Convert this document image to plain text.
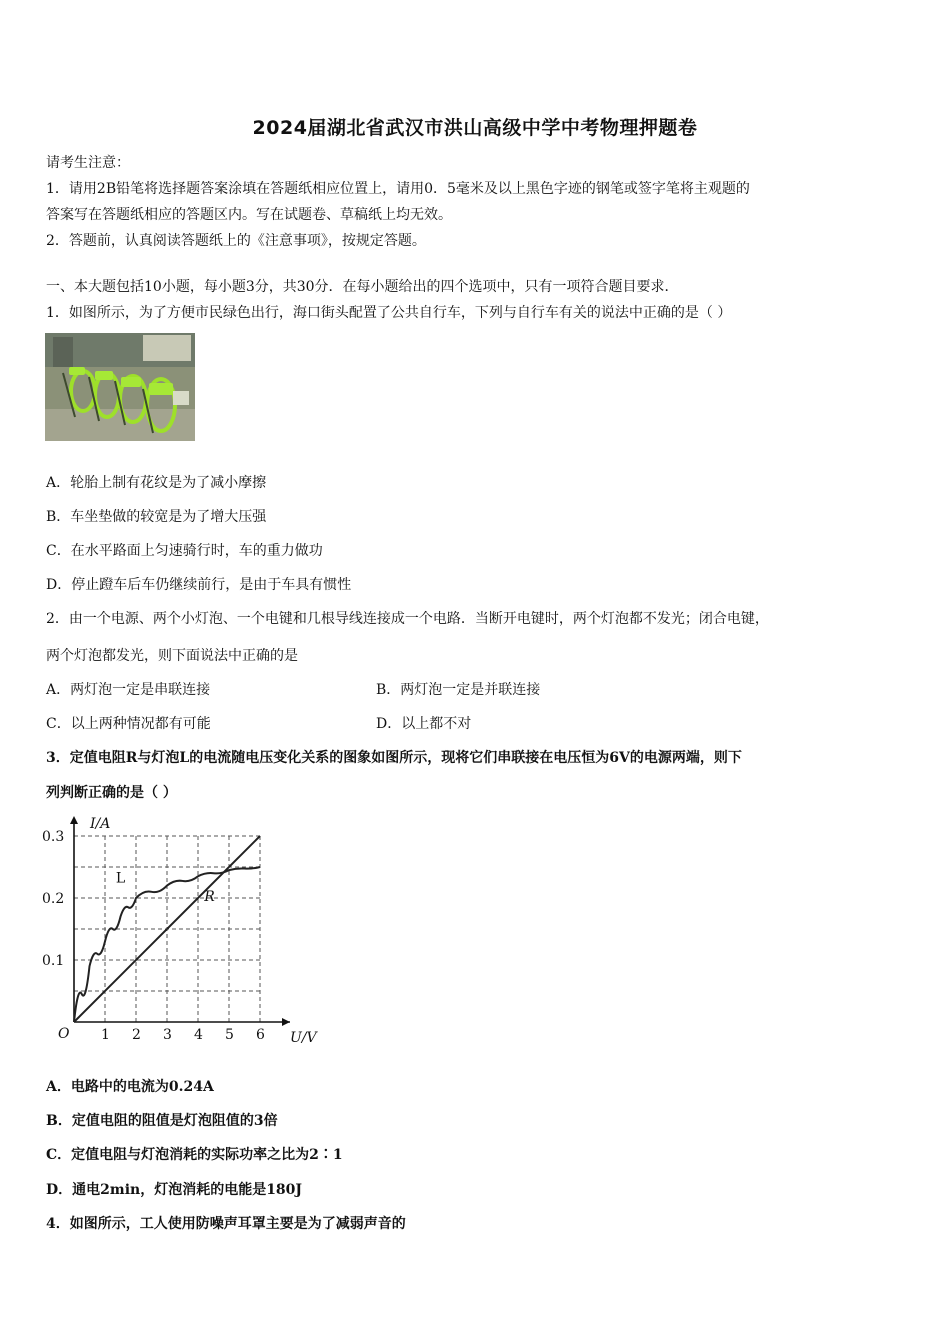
2024届湖北省武汉市洪山高级中学中考物理押题卷
请考生注意：
1．请用2B铅笔将选择题答案涂填在答题纸相应位置上，请用0．5毫米及以上黑色字迹的钢笔或签字笔将主观题的
答案写在答题纸相应的答题区内。写在试题卷、草稿纸上均无效。
2．答题前，认真阅读答题纸上的《注意事项》，按规定答题。
一、本大题包括10小题，每小题3分，共30分．在每小题给出的四个选项中，只有一项符合题目要求．
1．如图所示，为了方便市民绿色出行，海口街头配置了公共自行车，下列与自行车有关的说法中正确的是（ ）
A．轮胎上制有花纹是为了减小摩擦
B．车坐垫做的较宽是为了增大压强
C．在水平路面上匀速骑行时，车的重力做功
D．停止蹬车后车仍继续前行，是由于车具有惯性
2．由一个电源、两个小灯泡、一个电键和几根导线连接成一个电路．当断开电键时，两个灯泡都不发光；闭合电键，
两个灯泡都发光，则下面说法中正确的是
A．两灯泡一定是串联连接	B．两灯泡一定是并联连接
C．以上两种情况都有可能	D．以上都不对
3．定值电阻R与灯泡L的电流随电压变化关系的图象如图所示，现将它们串联接在电压恒为6V的电源两端，则下
列判断正确的是（ ）
1 2 3 4 5 6
0.1
0.2
0.3
O	U/V
I/A
L
R
A．电路中的电流为0.24A
B．定值电阻的阻值是灯泡阻值的3倍
C．定值电阻与灯泡消耗的实际功率之比为2∶1
D．通电2min，灯泡消耗的电能是180J
4．如图所示，工人使用防噪声耳罩主要是为了减弱声音的
